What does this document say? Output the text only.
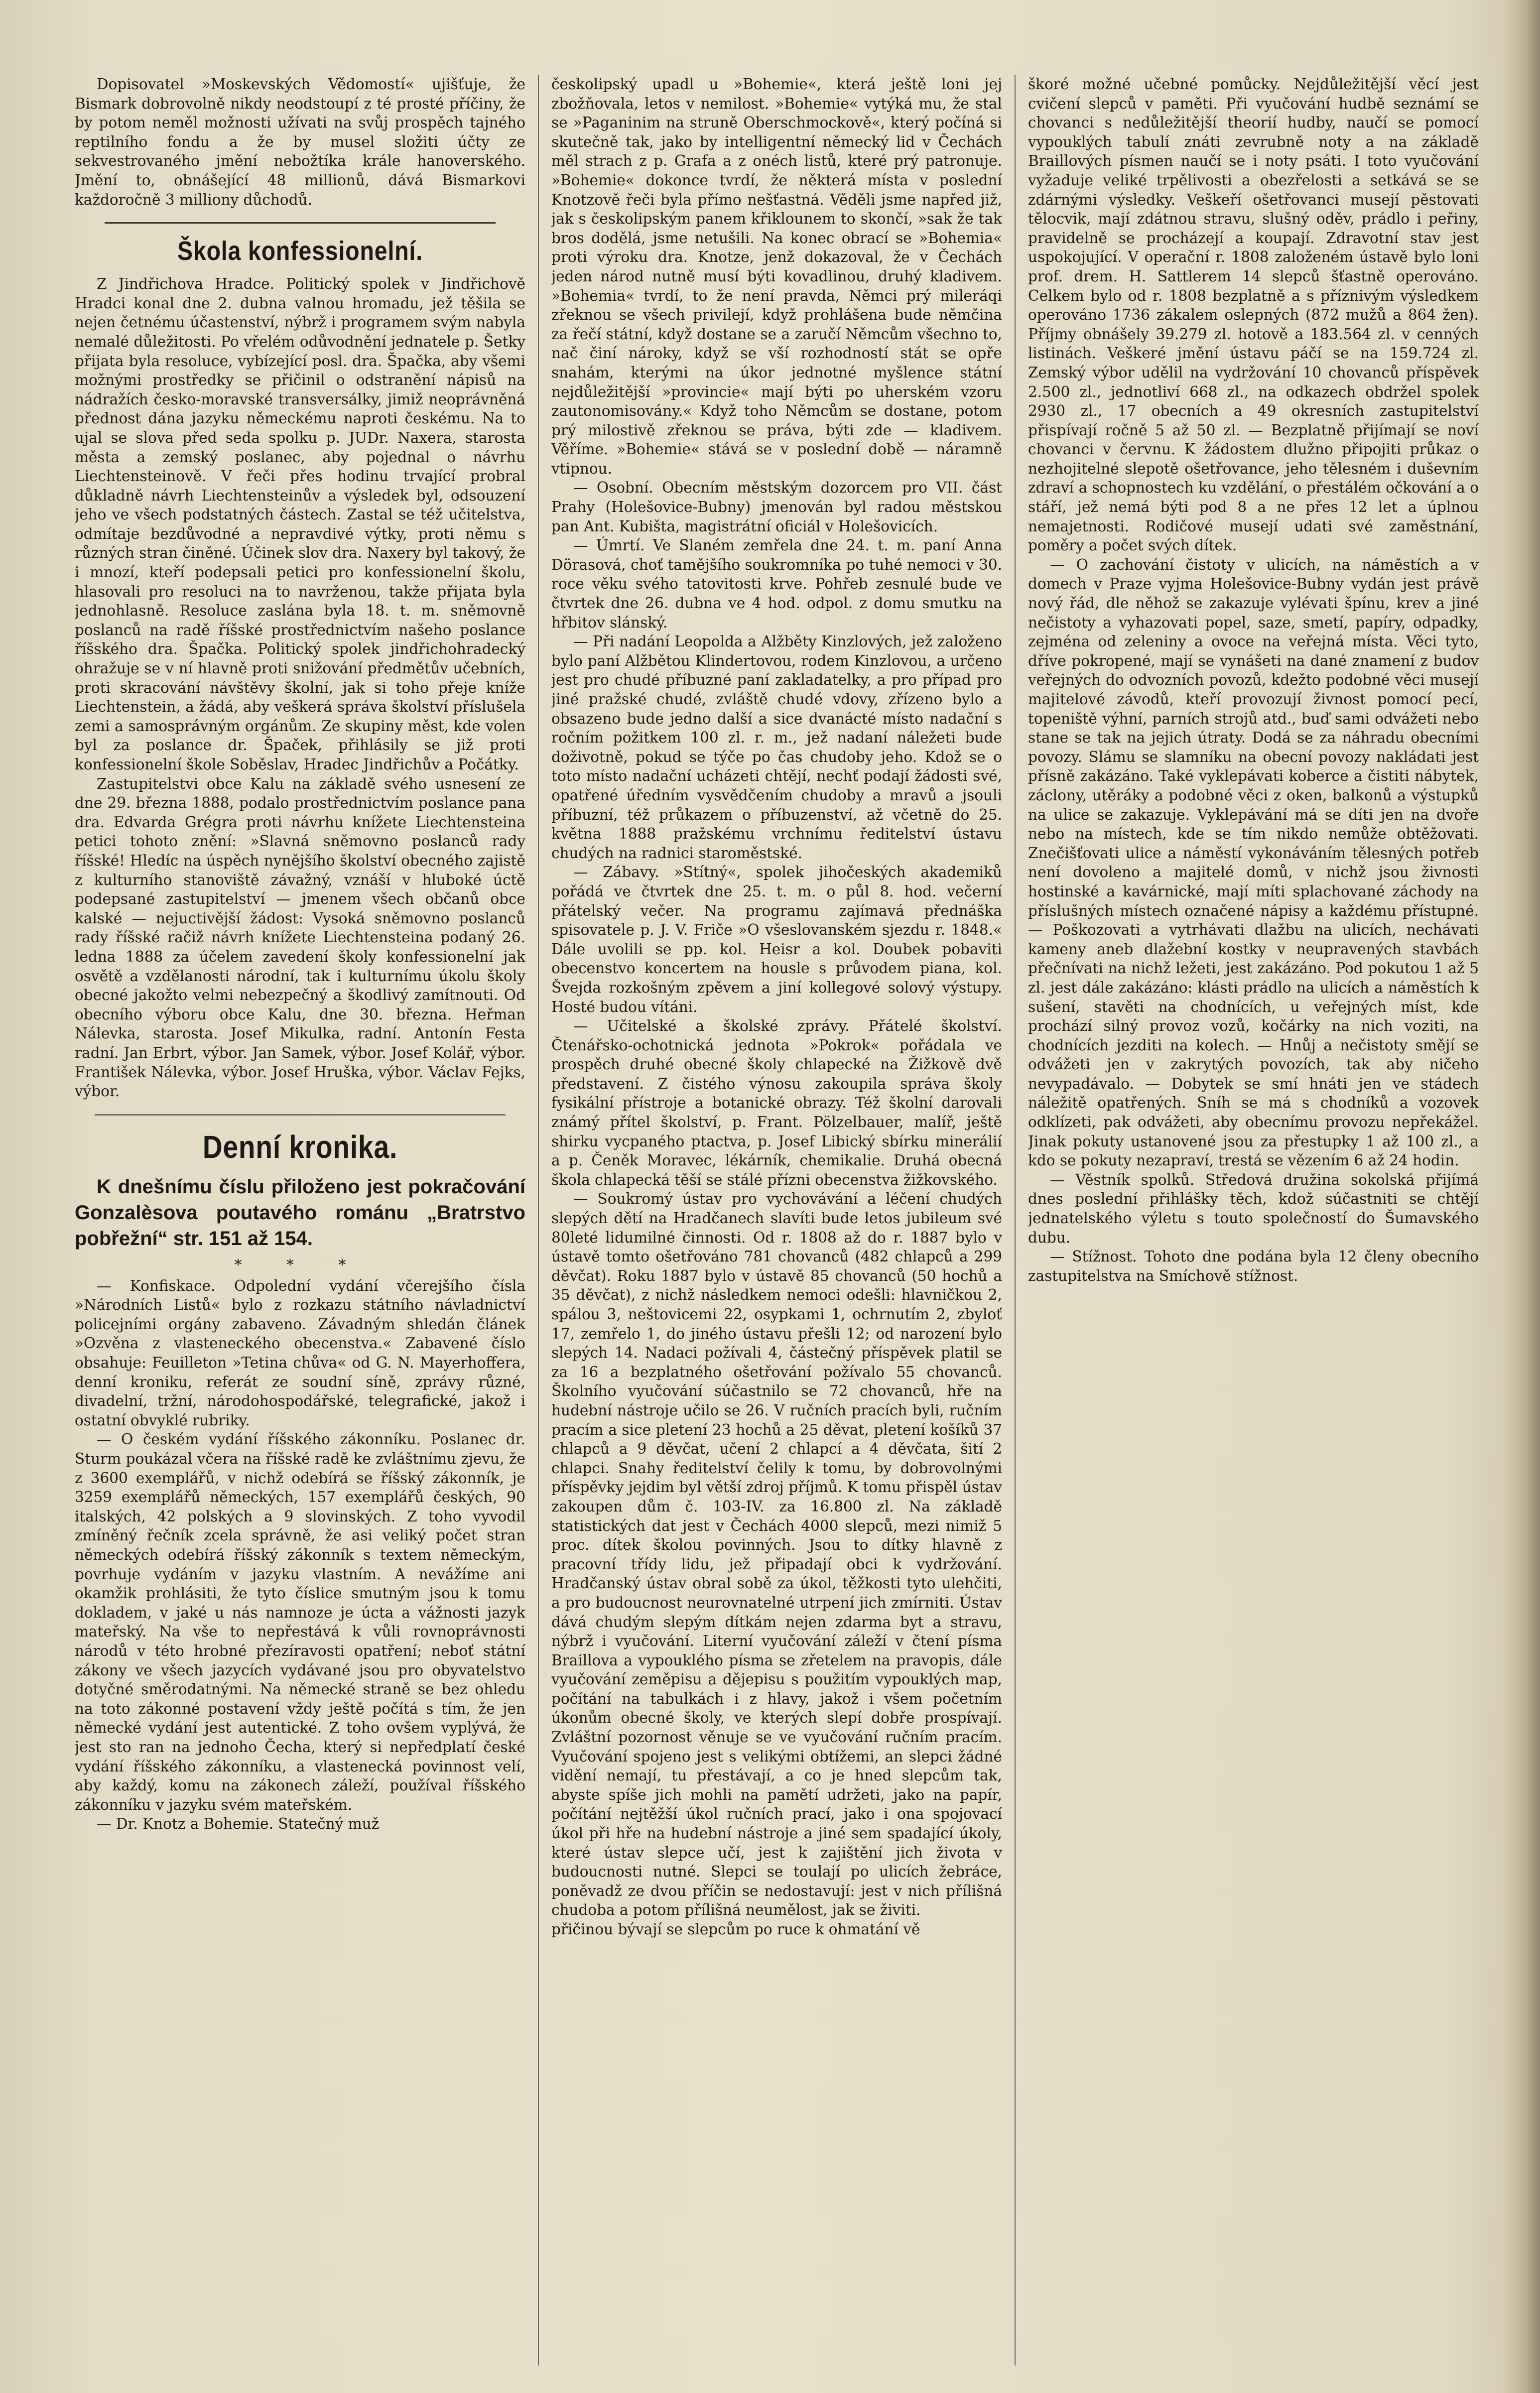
Dopisovatel »Moskevských Vědomostí« ujišťuje, že Bismark dobrovolně nikdy neodstoupí z té prosté příčiny, že by potom neměl možnosti užívati na svůj prospěch tajného reptilního fondu a že by musel složiti účty ze sekvestrovaného jmění nebožtíka krále hanoverského. Jmění to, obnášející 48 millionů, dává Bismarkovi každoročně 3 milliony důchodů.

Škola konfessionelní.

Z Jindřichova Hradce. Politický spolek v Jindřichově Hradci konal dne 2. dubna valnou hromadu, jež těšila se nejen četnému účastenství, nýbrž i programem svým nabyla nemalé důležitosti. Po vřelém odůvodnění jednatele p. Šetky přijata byla resoluce, vybízející posl. dra. Špačka, aby všemi možnými prostředky se přičinil o odstranění nápisů na nádražích česko-moravské transversálky, jimiž neoprávněná přednost dána jazyku německému naproti českému. Na to ujal se slova před seda spolku p. JUDr. Naxera, starosta města a zemský poslanec, aby pojednal o návrhu Liechtensteinově. V řeči přes hodinu trvající probral důkladně návrh Liechtensteinův a výsledek byl, odsouzení jeho ve všech podstatných částech. Zastal se též učitelstva, odmítaje bezdůvodné a nepravdivé výtky, proti němu s různých stran činěné. Účinek slov dra. Naxery byl takový, že i mnozí, kteří podepsali petici pro konfessionelní školu, hlasovali pro resoluci na to navrženou, takže přijata byla jednohlasně. Resoluce zaslána byla 18. t. m. sněmovně poslanců na radě říšské prostřednictvím našeho poslance říšského dra. Špačka. Politický spolek jindřichohradecký ohražuje se v ní hlavně proti snižování předmětův učebních, proti skracování návštěvy školní, jak si toho přeje kníže Liechtenstein, a žádá, aby veškerá správa školství příslušela zemi a samosprávným orgánům. Ze skupiny měst, kde volen byl za poslance dr. Špaček, přihlásily se již proti konfessionelní škole Soběslav, Hradec Jindřichův a Počátky.

Zastupitelstvi obce Kalu na základě svého usnesení ze dne 29. března 1888, podalo prostřednictvím poslance pana dra. Edvarda Grégra proti návrhu knížete Liechtensteina petici tohoto znění: »Slavná sněmovno poslanců rady říšské! Hledíc na úspěch nynějšího školství obecného zajistě z kulturního stanoviště závažný, vznáší v hluboké úctě podepsané zastupitelství — jmenem všech občanů obce kalské — nejuctivější žádost: Vysoká sněmovno poslanců rady říšské račiž návrh knížete Liechtensteina podaný 26. ledna 1888 za účelem zavedení školy konfessionelní jak osvětě a vzdělanosti národní, tak i kulturnímu úkolu školy obecné jakožto velmi nebezpečný a škodlivý zamítnouti. Od obecního výboru obce Kalu, dne 30. března. Heřman Nálevka, starosta. Josef Mikulka, radní. Antonín Festa radní. Jan Erbrt, výbor. Jan Samek, výbor. Josef Kolář, výbor. František Nálevka, výbor. Josef Hruška, výbor. Václav Fejks, výbor.

Denní kronika.
K dnešnímu číslu přiloženo jest pokračování Gonzalèsova poutavého románu „Bratrstvo pobřežní“ str. 151 až 154.
* * *

— Konfiskace. Odpolední vydání včerejšího čísla »Národních Listů« bylo z rozkazu státního návladnictví policejními orgány zabaveno. Závadným shledán článek »Ozvěna z vlasteneckého obecenstva.« Zabavené číslo obsahuje: Feuilleton »Tetina chůva« od G. N. Mayerhoffera, denní kroniku, referát ze soudní síně, zprávy různé, divadelní, tržní, národohospodářské, telegrafické, jakož i ostatní obvyklé rubriky.

— O českém vydání říšského zákonníku. Poslanec dr. Sturm poukázal včera na říšské radě ke zvláštnímu zjevu, že z 3600 exemplářů, v nichž odebírá se říšský zákonník, je 3259 exemplářů německých, 157 exemplářů českých, 90 italských, 42 polských a 9 slovinských. Z toho vyvodil zmíněný řečník zcela správně, že asi veliký počet stran německých odebírá říšský zákonník s textem německým, povrhuje vydáním v jazyku vlastním. A nevážíme ani okamžik prohlásiti, že tyto číslice smutným jsou k tomu dokladem, v jaké u nás namnoze je úcta a vážnosti jazyk mateřský. Na vše to nepřestává k vůli rovnoprávnosti národů v této hrobné přezíravosti opatření; neboť státní zákony ve všech jazycích vydávané jsou pro obyvatelstvo dotyčné směrodatnými. Na německé straně se bez ohledu na toto zákonné postavení vždy ještě počítá s tím, že jen německé vydání jest autentické. Z toho ovšem vyplývá, že jest sto ran na jednoho Čecha, který si nepředplatí české vydání říšského zákonníku, a vlastenecká povinnost velí, aby každý, komu na zákonech záleží, používal říšského zákonníku v jazyku svém mateřském.

— Dr. Knotz a Bohemie. Statečný muž

českolipský upadl u »Bohemie«, která ještě loni jej zbožňovala, letos v nemilost. »Bohemie« vytýká mu, že stal se »Paganinim na struně Oberschmockově«, který počíná si skutečně tak, jako by intelligentní německý lid v Čechách měl strach z p. Grafa a z onéch listů, které prý patronuje. »Bohemie« dokonce tvrdí, že některá místa v poslední Knotzově řeči byla přímo nešťastná. Věděli jsme napřed již, jak s českolipským panem křiklounem to skončí, »sak že tak bros dodělá, jsme netušili. Na konec obrací se »Bohemia« proti výroku dra. Knotze, jenž dokazoval, že v Čechách jeden národ nutně musí býti kovadlinou, druhý kladivem. »Bohemia« tvrdí, to že není pravda, Němci prý mileráqi zřeknou se všech privilejí, když prohlášena bude němčina za řečí státní, když dostane se a zaručí Němcům všechno to, nač činí nároky, když se vší rozhodností stát se opře snahám, kterými na úkor jednotné myšlence státní nejdůležitější »provincie« mají býti po uherském vzoru zautonomisovány.« Když toho Němcům se dostane, potom prý milostivě zřeknou se práva, býti zde — kladivem. Věříme. »Bohemie« stává se v poslední době — náramně vtipnou.

— Osobní. Obecním městským dozorcem pro VII. část Prahy (Holešovice-Bubny) jmenován byl radou městskou pan Ant. Kubišta, magistrátní oficiál v Holešovicích.

— Úmrtí. Ve Slaném zemřela dne 24. t. m. paní Anna Dörasová, choť tamějšího soukromníka po tuhé nemoci v 30. roce věku svého tatovitosti krve. Pohřeb zesnulé bude ve čtvrtek dne 26. dubna ve 4 hod. odpol. z domu smutku na hřbitov slánský.

— Při nadání Leopolda a Alžběty Kinzlových, jež založeno bylo paní Alžbětou Klindertovou, rodem Kinzlovou, a určeno jest pro chudé příbuzné paní zakladatelky, a pro případ pro jiné pražské chudé, zvláště chudé vdovy, zřízeno bylo a obsazeno bude jedno další a sice dvanácté místo nadační s ročním požitkem 100 zl. r. m., jež nadaní náležeti bude doživotně, pokud se týče po čas chudoby jeho. Kdož se o toto místo nadační ucházeti chtějí, nechť podají žádosti své, opatřené úředním vysvědčením chudoby a mravů a jsouli příbuzní, též průkazem o příbuzenství, až včetně do 25. května 1888 pražskému vrchnímu ředitelství ústavu chudých na radnici staroměstské.

— Zábavy. »Stítný«, spolek jihočeských akademiků pořádá ve čtvrtek dne 25. t. m. o půl 8. hod. večerní přátelský večer. Na programu zajímavá přednáška spisovatele p. J. V. Friče »O všeslovanském sjezdu r. 1848.« Dále uvolili se pp. kol. Heisr a kol. Doubek pobaviti obecenstvo koncertem na housle s průvodem piana, kol. Švejda rozkošným zpěvem a jiní kollegové solový výstupy. Hosté budou vítáni.

— Učitelské a školské zprávy. Přátelé školství. Čtenářsko-ochotnická jednota »Pokrok« pořádala ve prospěch druhé obecné školy chlapecké na Žižkově dvě představení. Z čistého výnosu zakoupila správa školy fysikální přístroje a botanické obrazy. Též školní darovali známý přítel školství, p. Frant. Pölzelbauer, malíř, ještě shirku vycpaného ptactva, p. Josef Libický sbírku minerálií a p. Čeněk Moravec, lékárník, chemikalie. Druhá obecná škola chlapecká těší se stálé přízni obecenstva žižkovského.

— Soukromý ústav pro vychovávání a léčení chudých slepých dětí na Hradčanech slavíti bude letos jubileum své 80leté lidumilné činnosti. Od r. 1808 až do r. 1887 bylo v ústavě tomto ošetřováno 781 chovanců (482 chlapců a 299 děvčat). Roku 1887 bylo v ústavě 85 chovanců (50 hochů a 35 děvčat), z nichž následkem nemoci odešli: hlavničkou 2, spálou 3, neštovicemi 22, osypkami 1, ochrnutím 2, zbyloť 17, zemřelo 1, do jiného ústavu přešli 12; od narození bylo slepých 14. Nadaci požívali 4, částečný příspěvek platil se za 16 a bezplatného ošetřování požívalo 55 chovanců. Školního vyučování súčastnilo se 72 chovanců, hře na hudební nástroje učilo se 26. V ručních pracích byli, ručním pracím a sice pletení 23 hochů a 25 děvat, pletení košíků 37 chlapců a 9 děvčat, učení 2 chlapcí a 4 děvčata, šití 2 chlapci. Snahy ředitelství čelily k tomu, by dobrovolnými příspěvky jejdim byl větší zdroj příjmů. K tomu přispěl ústav zakoupen dům č. 103-IV. za 16.800 zl. Na základě statistických dat jest v Čechách 4000 slepců, mezi nimiž 5 proc. dítek školou povinných. Jsou to dítky hlavně z pracovní třídy lidu, jež připadají obci k vydržování. Hradčanský ústav obral sobě za úkol, těžkosti tyto ulehčiti, a pro budoucnost neurovnatelné utrpení jich zmírniti. Ústav dává chudým slepým dítkám nejen zdarma byt a stravu, nýbrž i vyučování. Literní vyučování záleží v čtení písma Braillova a vypouklého písma se zřetelem na pravopis, dále vyučování zeměpisu a dějepisu s použitím vypouklých map, počítání na tabulkách i z hlavy, jakož i všem početním úkonům obecné školy, ve kterých slepí dobře prospívají. Zvláštní pozornost věnuje se ve vyučování ručním pracím. Vyučování spojeno jest s velikými obtížemi, an slepci žádné vidění nemají, tu přestávají, a co je hned slepcům tak, abyste spíše jich mohli na pamětí udržeti, jako na papír, počítání nejtěžší úkol ručních prací, jako i ona spojovací úkol při hře na hudební nástroje a jiné sem spadající úkoly, které ústav slepce učí, jest k zajištění jich života v budoucnosti nutné. Slepci se toulají po ulicích žebráce, poněvadž ze dvou příčin se nedostavují: jest v nich přílišná chudoba a potom přílišná neumělost, jak se živiti.

přičinou bývají se slepcům po ruce k ohmatání vě

škoré možné učebné pomůcky. Nejdůležitější věcí jest cvičení slepců v paměti. Při vyučování hudbě seznámí se chovanci s nedůležitější theorií hudby, naučí se pomocí vypouklých tabulí znáti zevrubně noty a na základě Braillových písmen naučí se i noty psáti. I toto vyučování vyžaduje veliké trpělivosti a obezřelosti a setkává se se zdárnými výsledky. Veškeří ošetřovanci musejí pěstovati tělocvik, mají zdátnou stravu, slušný oděv, prádlo i peřiny, pravidelně se procházejí a koupají. Zdravotní stav jest uspokojující. V operační r. 1808 založeném ústavě bylo loni prof. drem. H. Sattlerem 14 slepců šťastně operováno. Celkem bylo od r. 1808 bezplatně a s příznivým výsledkem operováno 1736 zákalem oslepných (872 mužů a 864 žen). Příjmy obnášely 39.279 zl. hotově a 183.564 zl. v cenných listinách. Veškeré jmění ústavu páčí se na 159.724 zl. Zemský výbor udělil na vydržování 10 chovanců příspěvek 2.500 zl., jednotliví 668 zl., na odkazech obdržel spolek 2930 zl., 17 obecních a 49 okresních zastupitelství přispívají ročně 5 až 50 zl. — Bezplatně přijímají se noví chovanci v červnu. K žádostem dlužno připojiti průkaz o nezhojitelné slepotě ošetřovance, jeho tělesném i duševním zdraví a schopnostech ku vzdělání, o přestálém očkování a o stáří, jež nemá býti pod 8 a ne přes 12 let a úplnou nemajetnosti. Rodičové musejí udati své zaměstnání, poměry a počet svých dítek.

— O zachování čistoty v ulicích, na náměstích a v domech v Praze vyjma Holešovice-Bubny vydán jest právě nový řád, dle něhož se zakazuje vylévati špínu, krev a jiné nečistoty a vyhazovati popel, saze, smetí, papíry, odpadky, zejména od zeleniny a ovoce na veřejná místa. Věci tyto, dříve pokropené, mají se vynášeti na dané znamení z budov veřejných do odvozních povozů, kdežto podobné věci musejí majitelové závodů, kteří provozují živnost pomocí pecí, topeniště výhní, parních strojů atd., buď sami odvážeti nebo stane se tak na jejich útraty. Dodá se za náhradu obecními povozy. Slámu se slamníku na obecní povozy nakládati jest přísně zakázáno. Také vyklepávati koberce a čistiti nábytek, záclony, utěráky a podobné věci z oken, balkonů a výstupků na ulice se zakazuje. Vyklepávání má se díti jen na dvoře nebo na místech, kde se tím nikdo nemůže obtěžovati. Znečišťovati ulice a náměstí vykonáváním tělesných potřeb není dovoleno a majitelé domů, v nichž jsou živnosti hostinské a kavárnické, mají míti splachované záchody na příslušných místech označené nápisy a každému přístupné. — Poškozovati a vytrhávati dlažbu na ulicích, nechávati kameny aneb dlažební kostky v neupravených stavbách přečnívati na nichž ležeti, jest zakázáno. Pod pokutou 1 až 5 zl. jest dále zakázáno: klásti prádlo na ulicích a náměstích k sušení, stavěti na chodnících, u veřejných míst, kde prochází silný provoz vozů, kočárky na nich voziti, na chodnících jezditi na kolech. — Hnůj a nečistoty smějí se odvážeti jen v zakrytých povozích, tak aby ničeho nevypadávalo. — Dobytek se smí hnáti jen ve stádech náležitě opatřených. Sníh se má s chodníků a vozovek odklízeti, pak odvážeti, aby obecnímu provozu nepřekážel. Jinak pokuty ustanovené jsou za přestupky 1 až 100 zl., a kdo se pokuty nezapraví, trestá se vězením 6 až 24 hodin.

— Věstník spolků. Středová družina sokolská přijímá dnes poslední přihlášky těch, kdož súčastniti se chtějí jednatelského výletu s touto společností do Šumavského dubu.

— Stížnost. Tohoto dne podána byla 12 členy obecního zastupitelstva na Smíchově stížnost.
